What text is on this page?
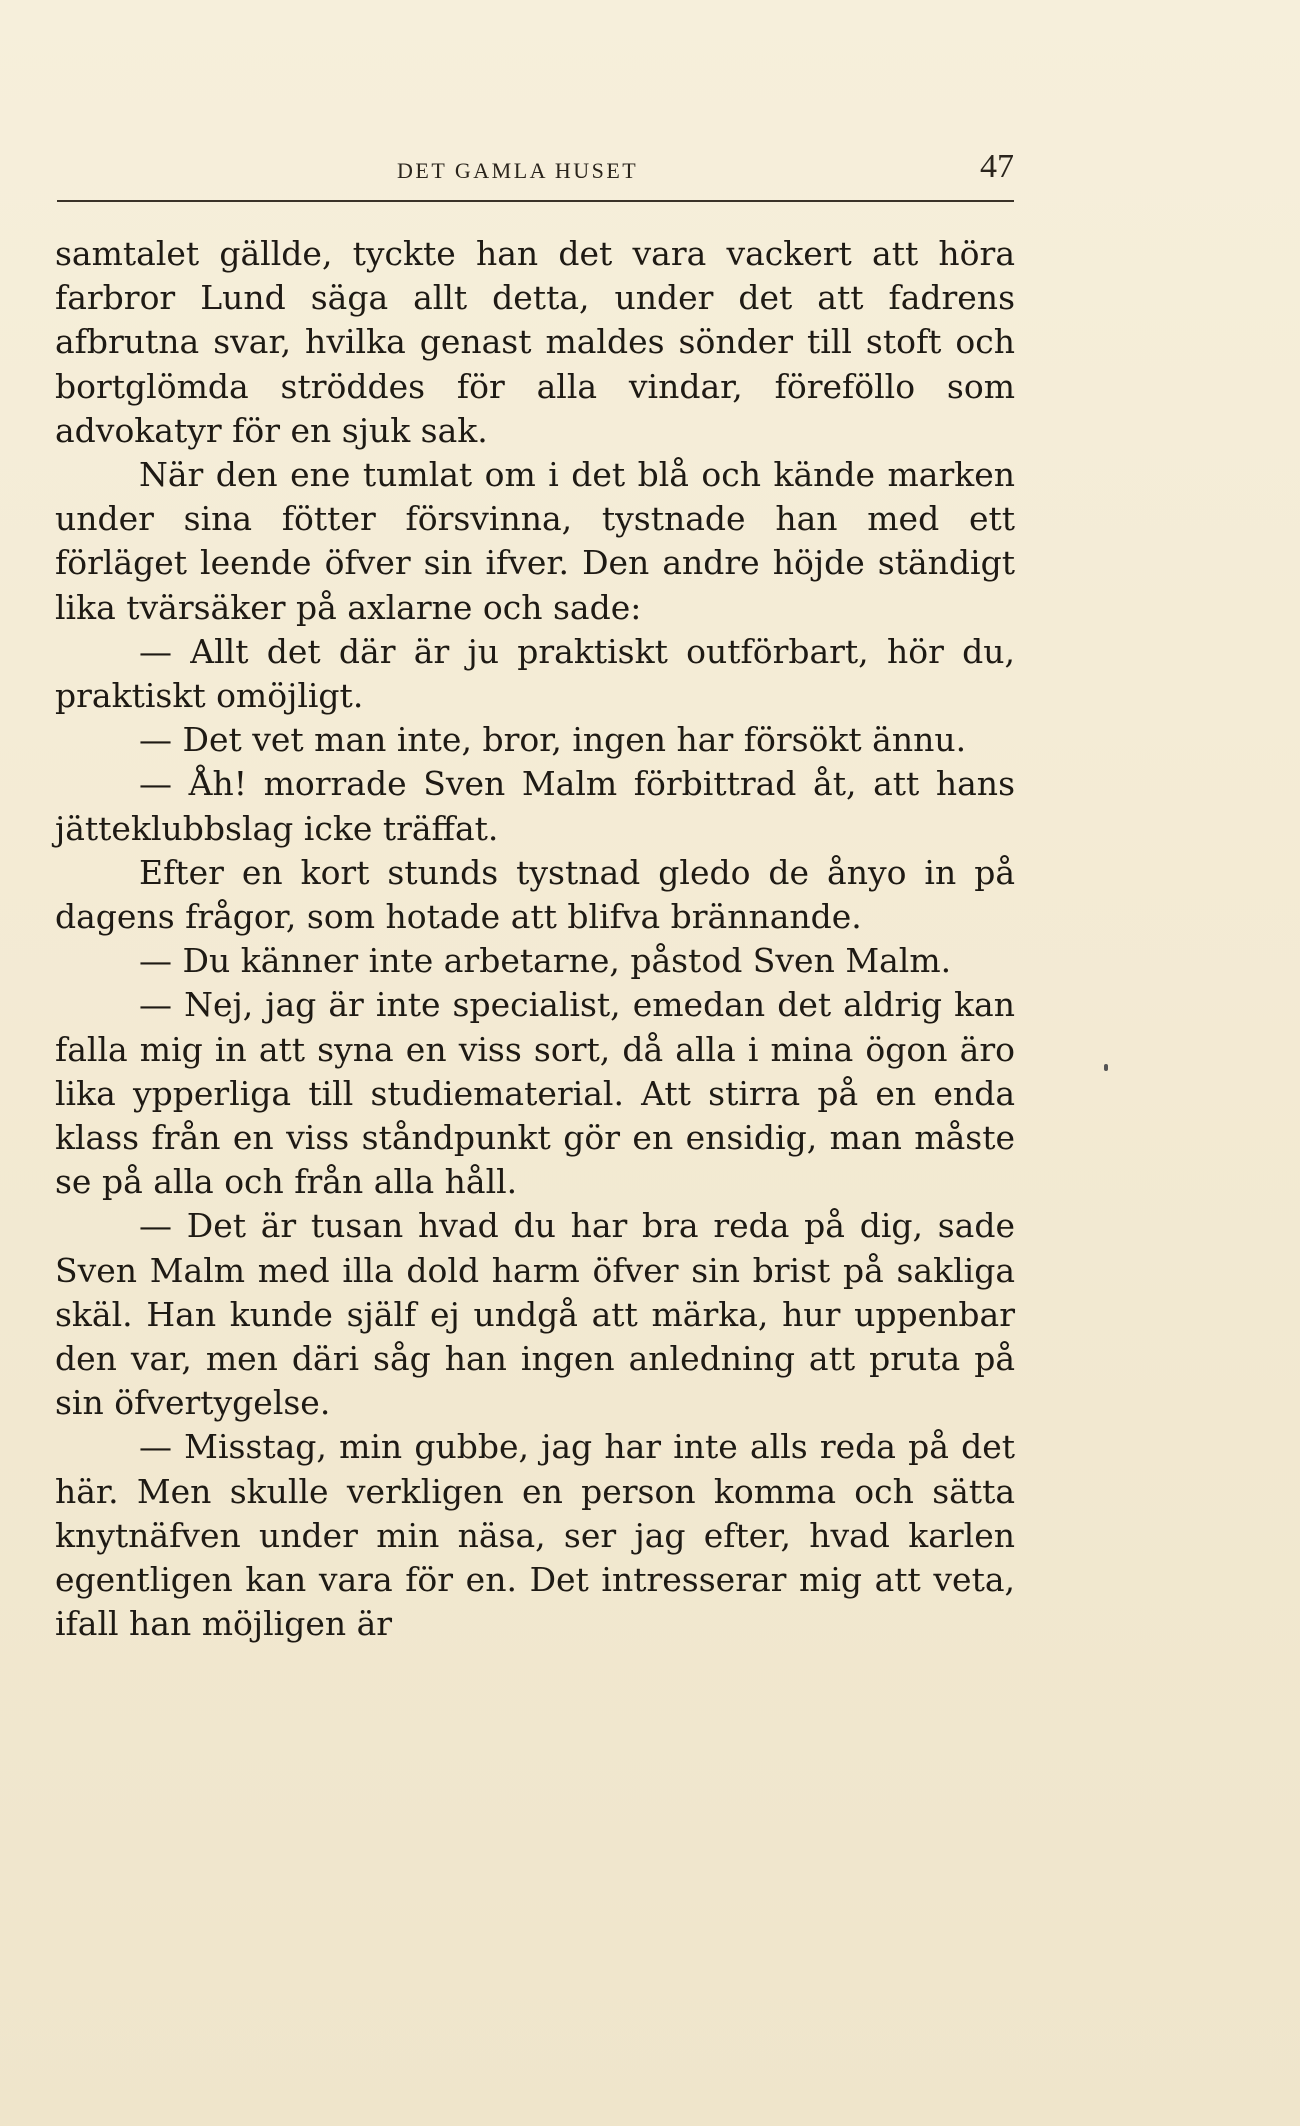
DET GAMLA HUSET	47

samtalet gällde, tyckte han det vara vackert att höra farbror Lund säga allt detta, under det att fadrens afbrutna svar, hvilka genast maldes sönder till stoft och bortglömda ströddes för alla vindar, föreföllo som advokatyr för en sjuk sak.

När den ene tumlat om i det blå och kände marken under sina fötter försvinna, tystnade han med ett förläget leende öfver sin ifver. Den andre höjde ständigt lika tvärsäker på axlarne och sade:

— Allt det där är ju praktiskt outförbart, hör du, praktiskt omöjligt.

— Det vet man inte, bror, ingen har försökt ännu.

— Åh! morrade Sven Malm förbittrad åt, att hans jätteklubbslag icke träffat.

Efter en kort stunds tystnad gledo de ånyo in på dagens frågor, som hotade att blifva brännande.

— Du känner inte arbetarne, påstod Sven Malm.

— Nej, jag är inte specialist, emedan det aldrig kan falla mig in att syna en viss sort, då alla i mina ögon äro lika ypperliga till studiematerial. Att stirra på en enda klass från en viss ståndpunkt gör en ensidig, man måste se på alla och från alla håll.

— Det är tusan hvad du har bra reda på dig, sade Sven Malm med illa dold harm öfver sin brist på sakliga skäl. Han kunde själf ej undgå att märka, hur uppenbar den var, men däri såg han ingen anledning att pruta på sin öfvertygelse.

— Misstag, min gubbe, jag har inte alls reda på det här. Men skulle verkligen en person komma och sätta knytnäfven under min näsa, ser jag efter, hvad karlen egentligen kan vara för en. Det intresserar mig att veta, ifall han möjligen är
